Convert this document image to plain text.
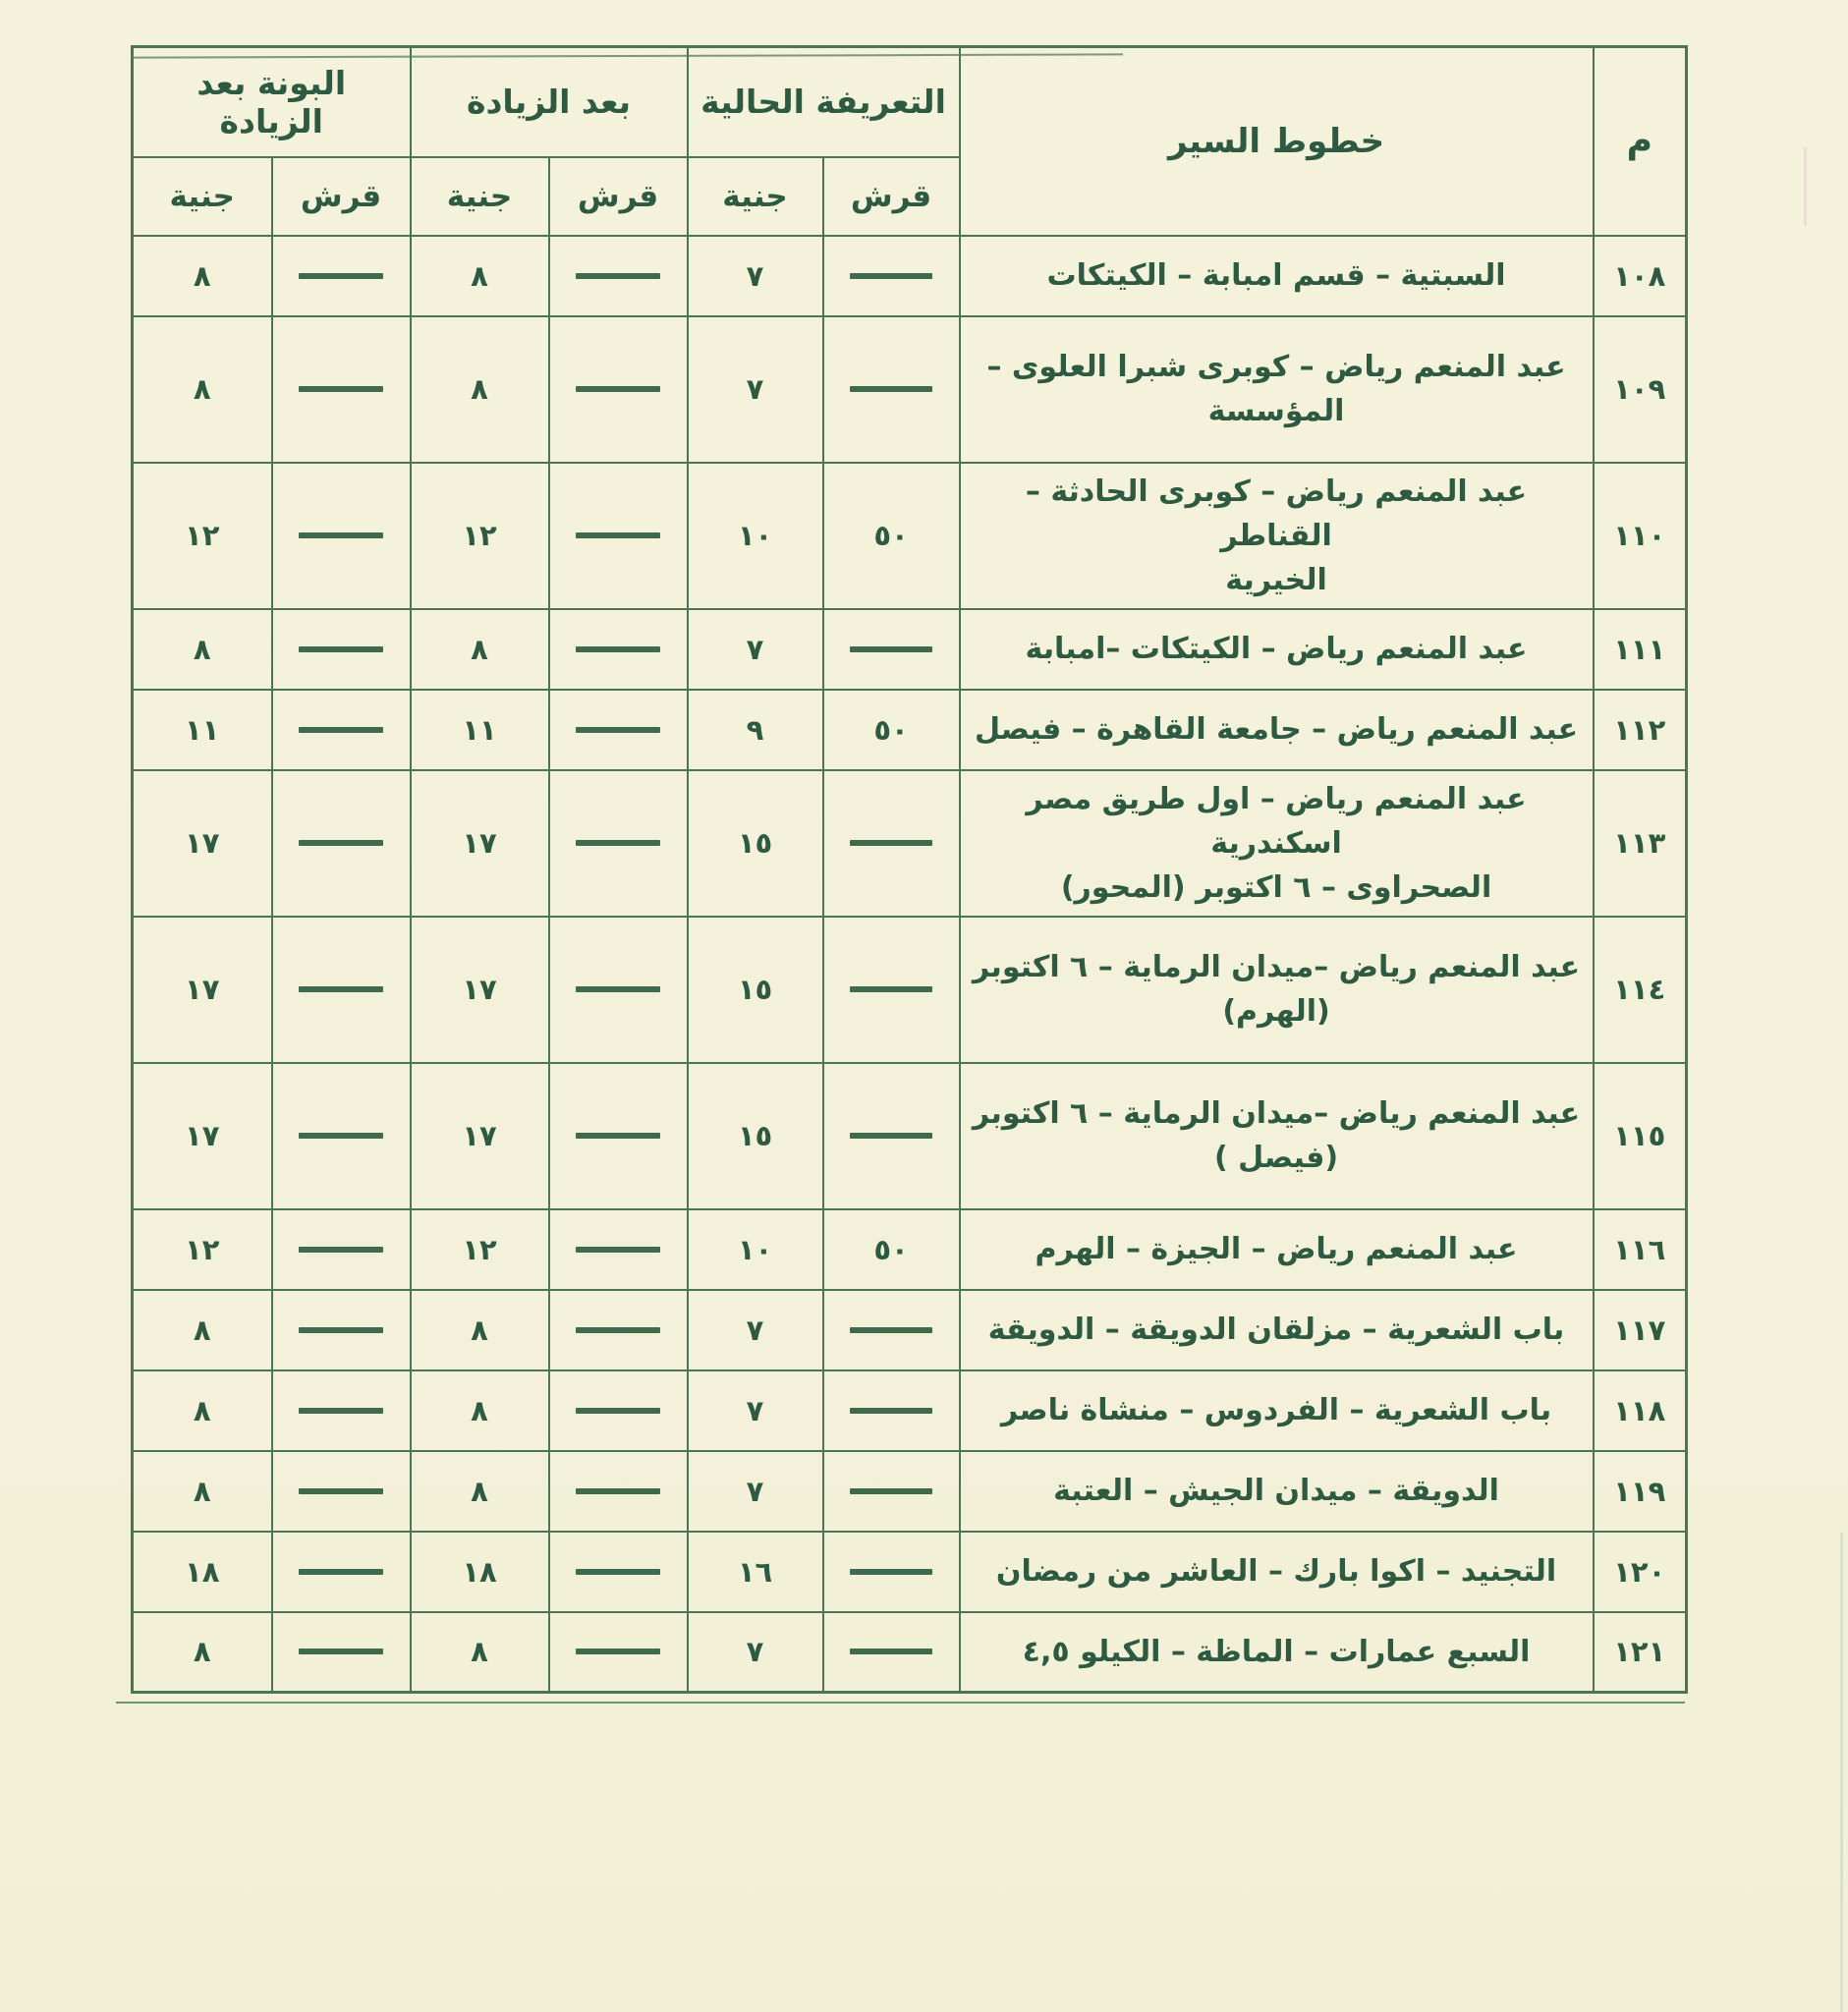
م	خطوط السير	التعريفة الحالية		بعد الزيادة		البونة بعد الزيادة	
		قرش	جنية	قرش	جنية	قرش	جنية
١٠٨	السبتية – قسم امبابة – الكيتكات		٧		٨		٨
١٠٩	عبد المنعم رياض – كوبرى شبرا العلوى –
المؤسسة		٧		٨		٨
١١٠	عبد المنعم رياض – كوبرى الحادثة – القناطر
الخيرية	٥٠	١٠		١٢		١٢
١١١	عبد المنعم رياض – الكيتكات –امبابة		٧		٨		٨
١١٢	عبد المنعم رياض – جامعة القاهرة – فيصل	٥٠	٩		١١		١١
١١٣	عبد المنعم رياض – اول طريق مصر اسكندرية
الصحراوى – ٦ اكتوبر (المحور)		١٥		١٧		١٧
١١٤	عبد المنعم رياض –ميدان الرماية – ٦ اكتوبر
(الهرم)		١٥		١٧		١٧
١١٥	عبد المنعم رياض –ميدان الرماية – ٦ اكتوبر
(فيصل )		١٥		١٧		١٧
١١٦	عبد المنعم رياض – الجيزة – الهرم	٥٠	١٠		١٢		١٢
١١٧	باب الشعرية – مزلقان الدويقة – الدويقة		٧		٨		٨
١١٨	باب الشعرية – الفردوس – منشاة ناصر		٧		٨		٨
١١٩	الدويقة – ميدان الجيش – العتبة		٧		٨		٨
١٢٠	التجنيد – اكوا بارك – العاشر من رمضان		١٦		١٨		١٨
١٢١	السبع عمارات – الماظة – الكيلو ٤,٥		٧		٨		٨
